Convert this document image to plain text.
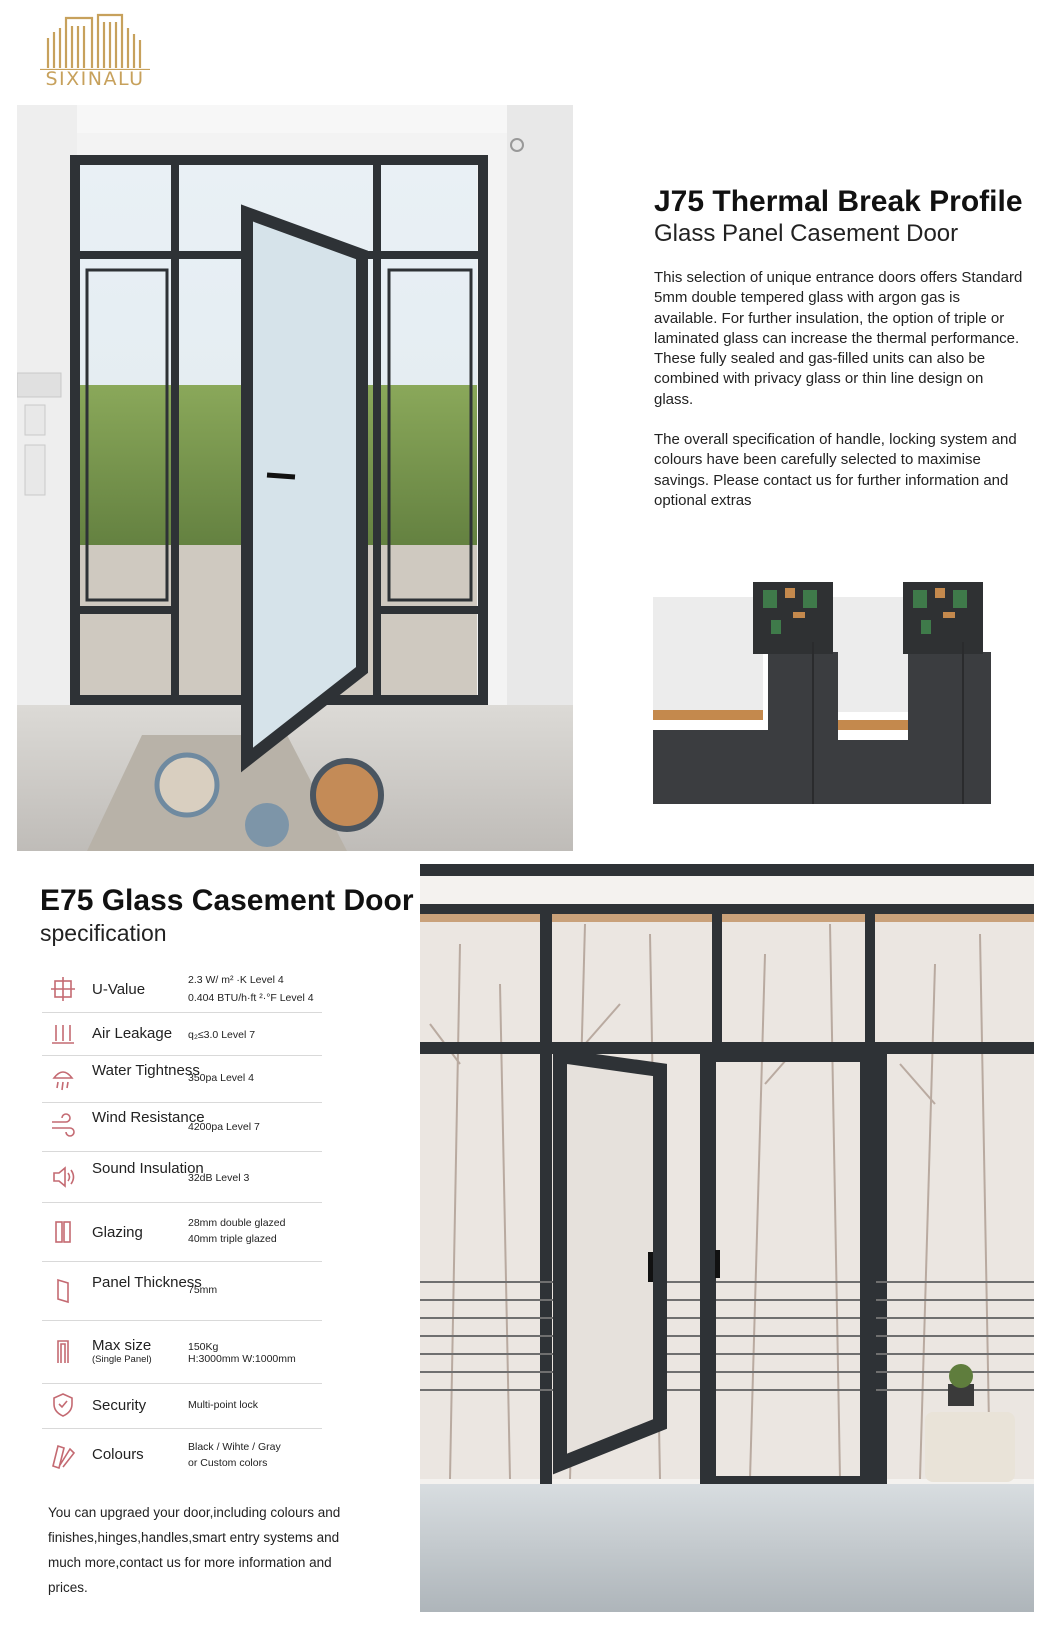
SIXINALU
J75 Thermal Break Profile
Glass Panel Casement Door
This selection of unique entrance doors offers Standard 5mm double tempered glass with argon gas is available. For further insulation, the option of triple or laminated glass can increase the thermal performance. These fully sealed and gas-filled units can also be combined with privacy glass or thin line design on glass.
The overall specification of handle, locking system and colours have been carefully selected to maximise savings. Please contact us for further information and optional extras
E75 Glass Casement Door
specification
U-Value
2.3 W/ m² ·K Level 4
0.404 BTU/h·ft ²·°F Level 4
Air Leakage q₂≤3.0 Level 7
Water Tightness
350pa Level 4
Wind Resistance
4200pa Level 7
Sound Insulation
32dB Level 3
Glazing
28mm double glazed
40mm triple glazed
Panel Thickness
75mm
Max size
(Single Panel)
150Kg
H:3000mm W:1000mm
Security	Multi-point lock
Colours	Black / Wihte / Gray
or Custom colors
You can upgraed your door,including colours and finishes,hinges,handles,smart entry systems and much more,contact us for more information and prices.
